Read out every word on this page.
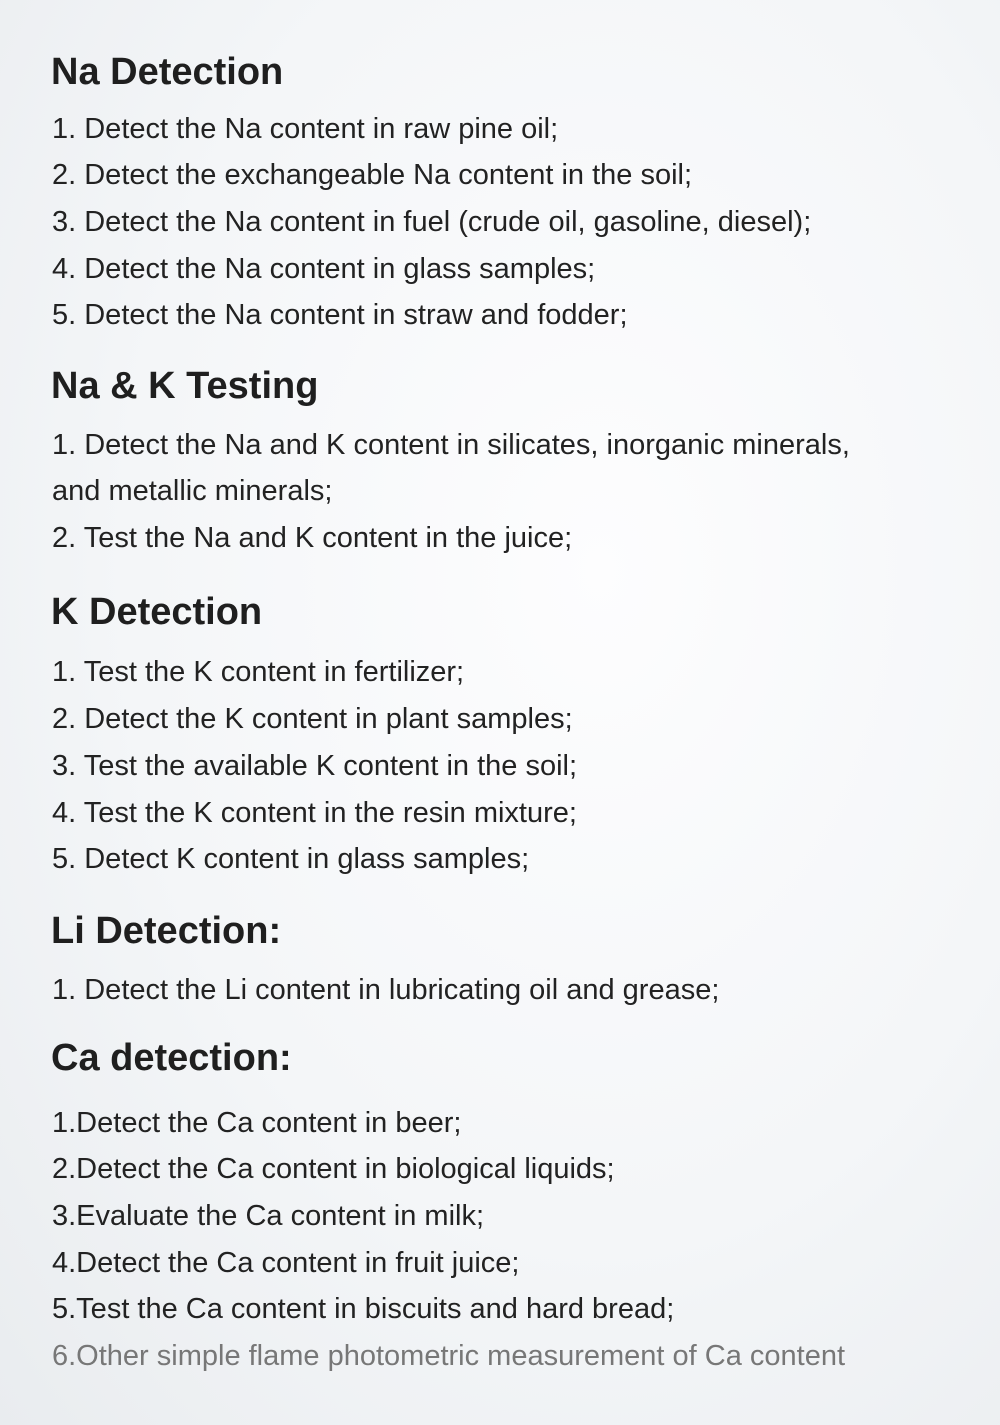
Na Detection

1. Detect the Na content in raw pine oil;

2. Detect the exchangeable Na content in the soil;

3. Detect the Na content in fuel (crude oil, gasoline, diesel);

4. Detect the Na content in glass samples;

5. Detect the Na content in straw and fodder;

Na & K Testing

1. Detect the Na and K content in silicates, inorganic minerals,

and metallic minerals;

2. Test the Na and K content in the juice;

K Detection

1. Test the K content in fertilizer;

2. Detect the K content in plant samples;

3. Test the available K content in the soil;

4. Test the K content in the resin mixture;

5. Detect K content in glass samples;

Li Detection:

1. Detect the Li content in lubricating oil and grease;

Ca detection:

1.Detect the Ca content in beer;

2.Detect the Ca content in biological liquids;

3.Evaluate the Ca content in milk;

4.Detect the Ca content in fruit juice;

5.Test the Ca content in biscuits and hard bread;

6.Other simple flame photometric measurement of Ca content
